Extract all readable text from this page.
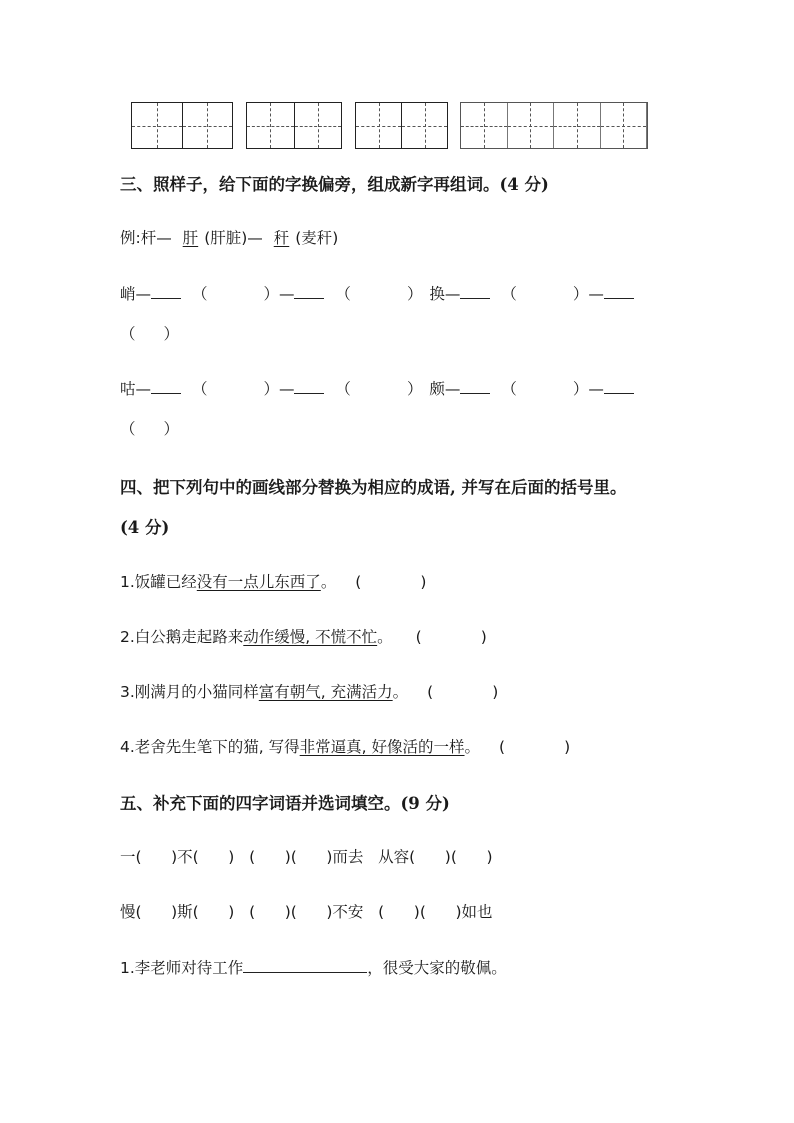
三、照样子，给下面的字换偏旁，组成新字再组词。(4 分)
例:杆— 肝 (肝脏)— 秆 (麦秆)
峭—	（	）—	（	） 换—	（	）—
（ ）
咕—	（	）—	（	） 颇—	（	）—
（ ）
四、把下列句中的画线部分替换为相应的成语, 并写在后面的括号里。
(4 分)
1.饭罐已经没有一点儿东西了。 (            )
2.白公鹅走起路来动作缓慢, 不慌不忙。 (            )
3.刚满月的小猫同样富有朝气, 充满活力。 (            )
4.老舍先生笔下的猫, 写得非常逼真, 好像活的一样。 (            )
五、补充下面的四字词语并选词填空。(9 分)
一(      )不(      )   (      )(      )而去   从容(      )(      )
慢(      )斯(      )   (      )(      )不安   (      )(      )如也
1.李老师对待工作	，很受大家的敬佩。
